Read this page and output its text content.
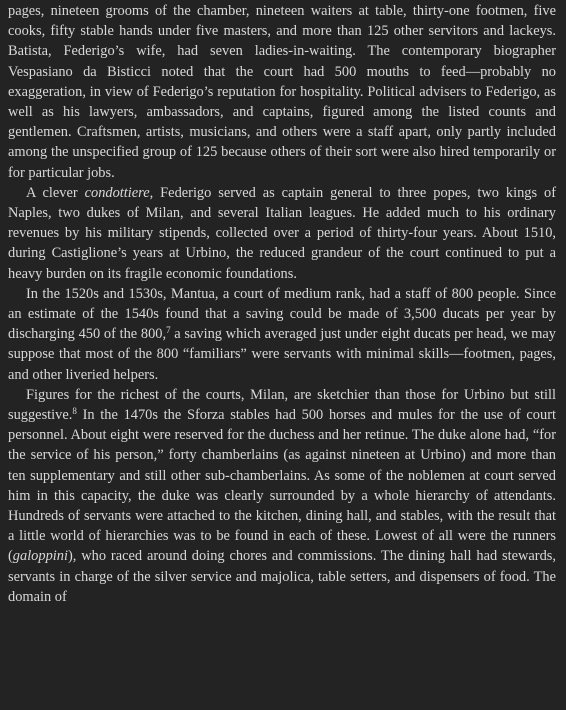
pages, nineteen grooms of the chamber, nineteen waiters at table, thirty-one footmen, five cooks, fifty stable hands under five masters, and more than 125 other servitors and lackeys. Batista, Federigo’s wife, had seven ladies-in-waiting. The contemporary biographer Vespasiano da Bisticci noted that the court had 500 mouths to feed—probably no exaggeration, in view of Federigo’s reputation for hospitality. Political advisers to Federigo, as well as his lawyers, ambassadors, and captains, figured among the listed counts and gentlemen. Craftsmen, artists, musicians, and others were a staff apart, only partly included among the unspecified group of 125 because others of their sort were also hired temporarily or for particular jobs.

A clever condottiere, Federigo served as captain general to three popes, two kings of Naples, two dukes of Milan, and several Italian leagues. He added much to his ordinary revenues by his military stipends, collected over a period of thirty-four years. About 1510, during Castiglione’s years at Urbino, the reduced grandeur of the court continued to put a heavy burden on its fragile economic foundations.

In the 1520s and 1530s, Mantua, a court of medium rank, had a staff of 800 people. Since an estimate of the 1540s found that a saving could be made of 3,500 ducats per year by discharging 450 of the 800,$^7$ a saving which averaged just under eight ducats per head, we may suppose that most of the 800 “familiars” were servants with minimal skills—footmen, pages, and other liveried helpers.

Figures for the richest of the courts, Milan, are sketchier than those for Urbino but still suggestive.$^8$ In the 1470s the Sforza stables had 500 horses and mules for the use of court personnel. About eight were reserved for the duchess and her retinue. The duke alone had, “for the service of his person,” forty chamberlains (as against nineteen at Urbino) and more than ten supplementary and still other sub-chamberlains. As some of the noblemen at court served him in this capacity, the duke was clearly surrounded by a whole hierarchy of attendants. Hundreds of servants were attached to the kitchen, dining hall, and stables, with the result that a little world of hierarchies was to be found in each of these. Lowest of all were the runners (galoppini), who raced around doing chores and commissions. The dining hall had stewards, servants in charge of the silver service and majolica, table setters, and dispensers of food. The domain of
